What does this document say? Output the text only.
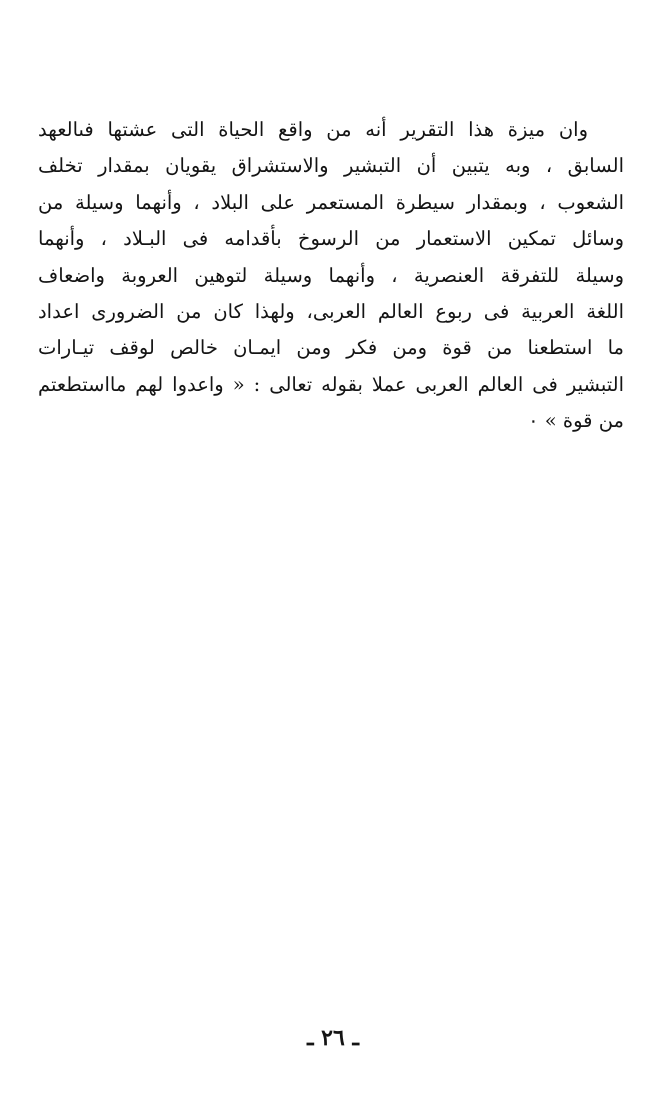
وان ميزة هذا التقرير أنه من واقع الحياة التى عشتها فىالعهد
السابق ، وبه يتبين أن التبشير والاستشراق يقويان بمقدار تخلف
الشعوب ، وبمقدار سيطرة المستعمر على البلاد ، وأنهما وسيلة من
وسائل تمكين الاستعمار من الرسوخ بأقدامه فى البـلاد ، وأنهما
وسيلة للتفرقة العنصرية ، وأنهما وسيلة لتوهين العروبة واضعاف
اللغة العربية فى ربوع العالم العربى، ولهذا كان من الضرورى اعداد
ما استطعنا من قوة ومن فكر ومن ايمـان خالص لوقف تيـارات
التبشير فى العالم العربى عملا بقوله تعالى : « واعدوا لهم مااستطعتم
من قوة » ٠
ـ ٢٦ ـ
